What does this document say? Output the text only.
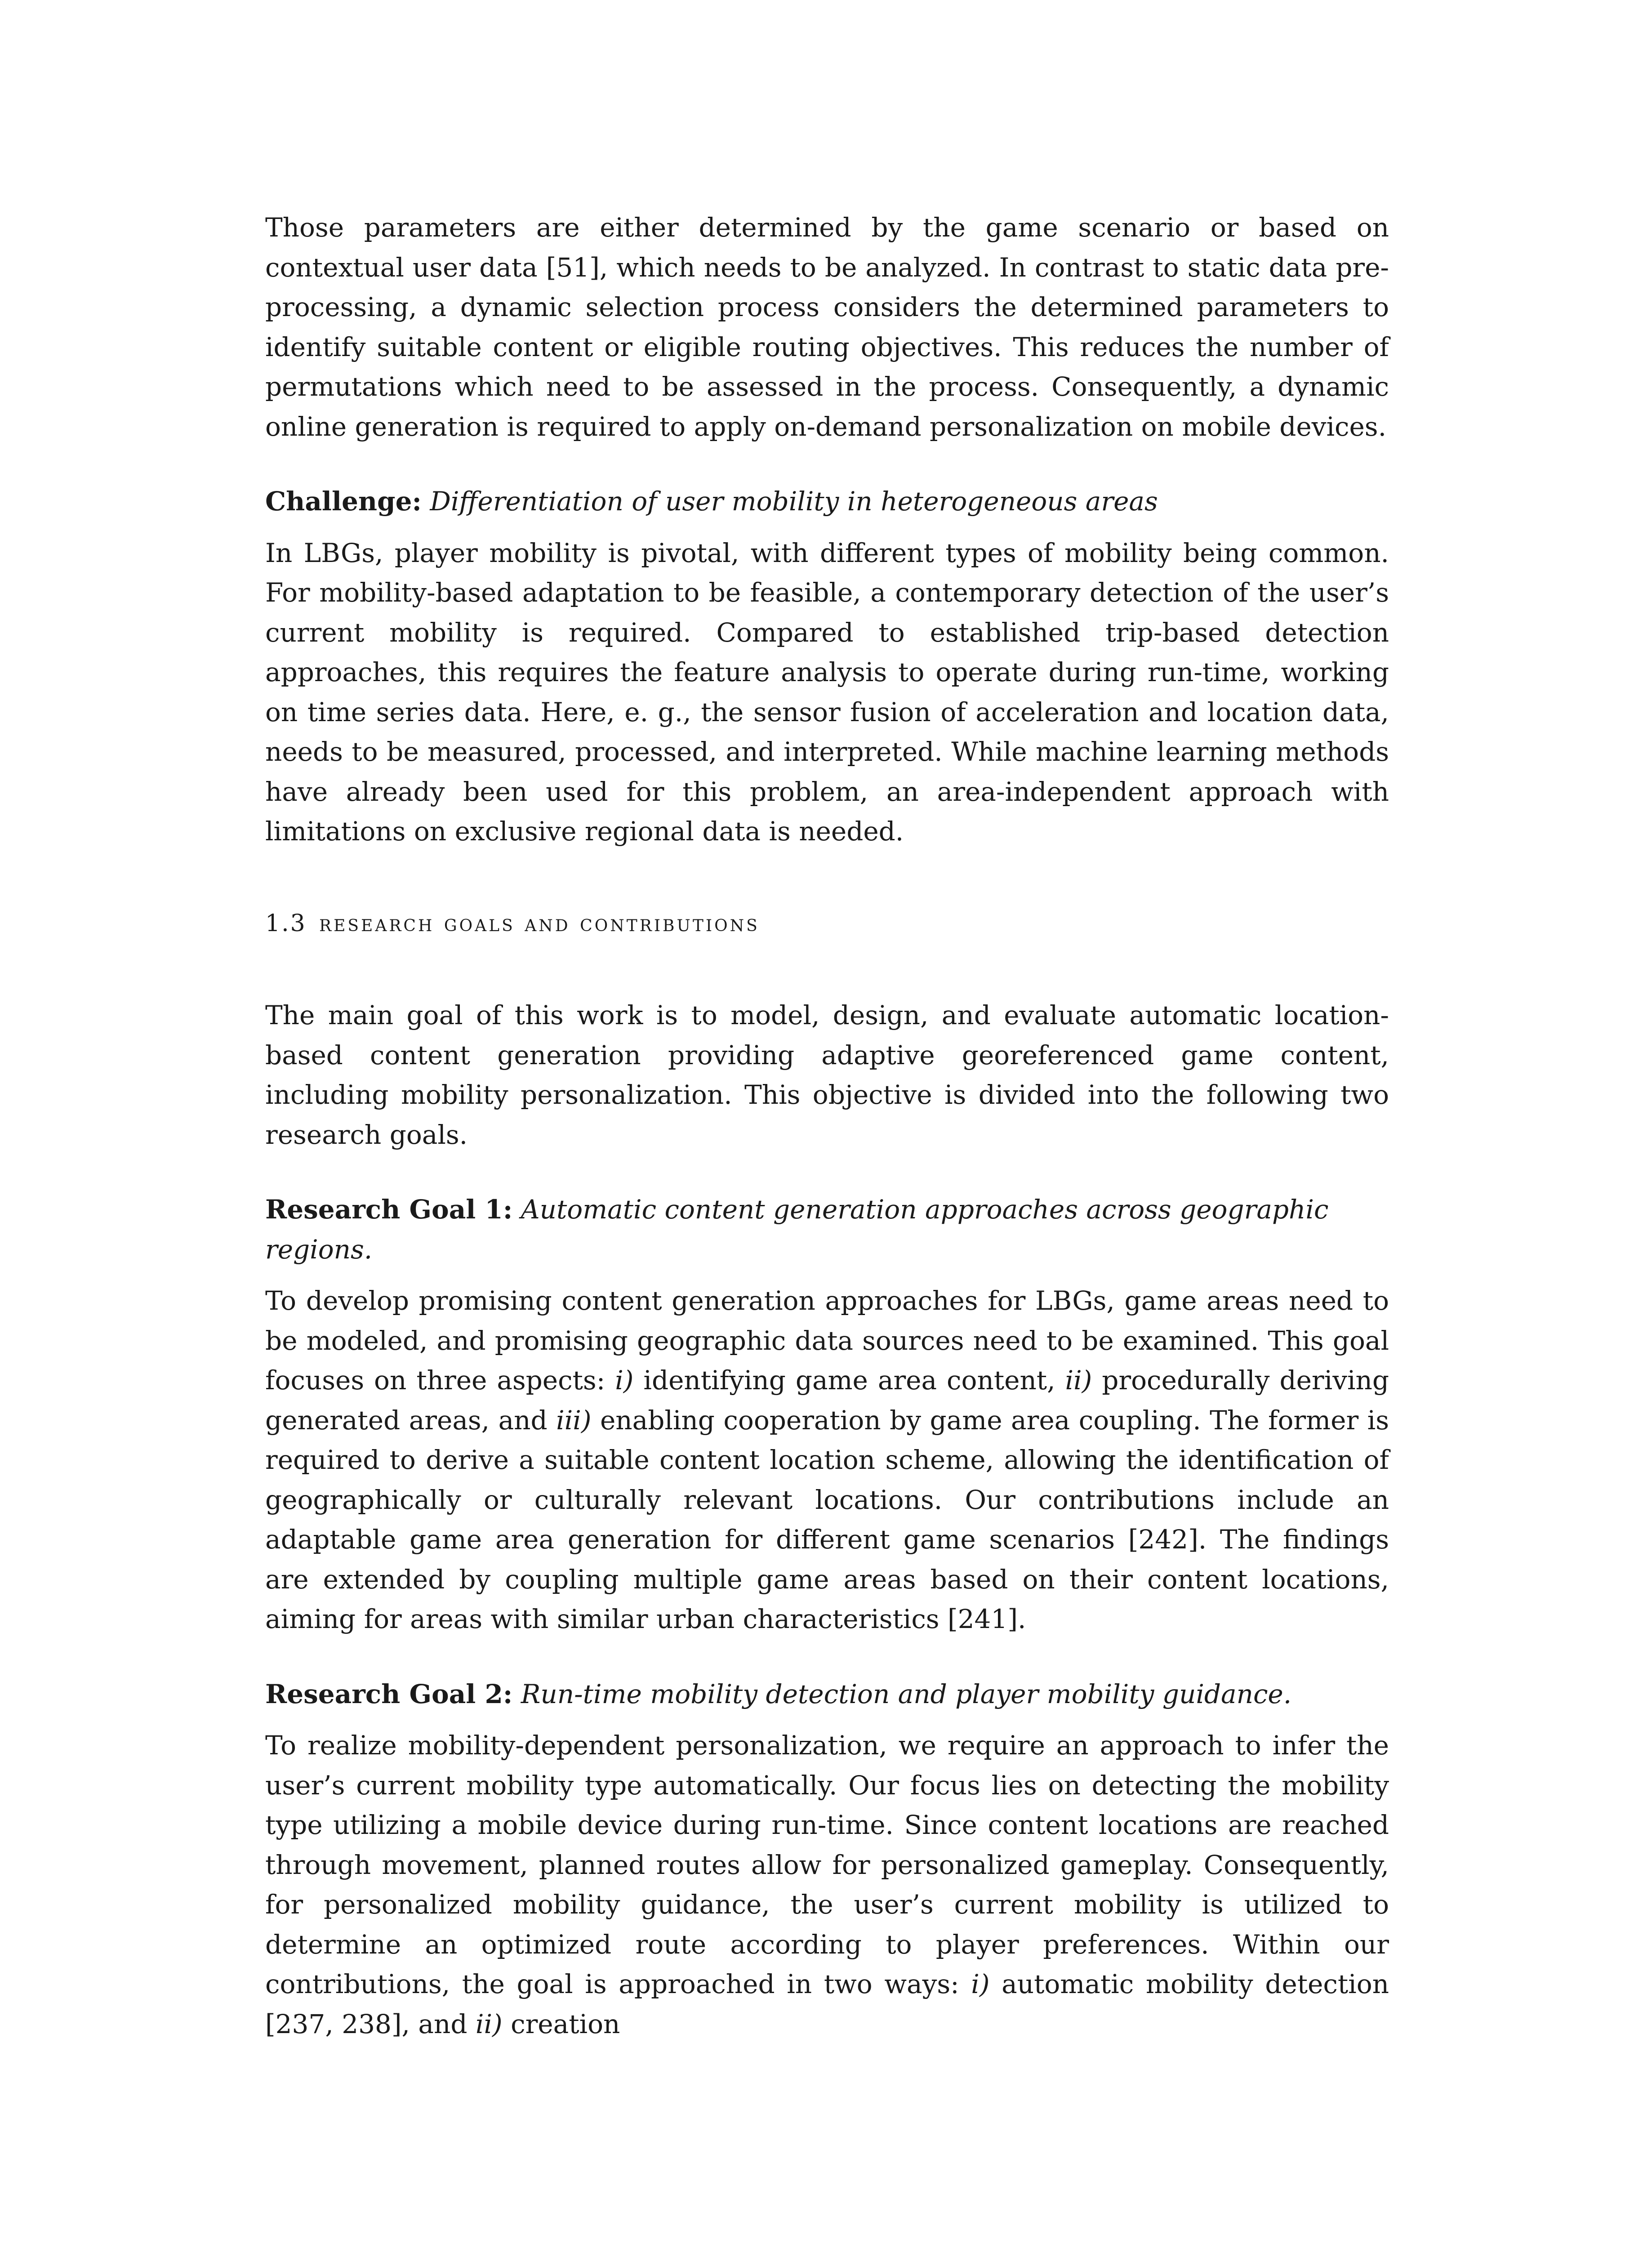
Those parameters are either determined by the game scenario or based on contextual user data [51], which needs to be analyzed. In contrast to static data pre-processing, a dynamic selection process considers the determined parameters to identify suitable content or eligible routing objectives. This reduces the number of permutations which need to be assessed in the process. Consequently, a dynamic online generation is required to apply on-demand personalization on mobile devices.

Challenge: Differentiation of user mobility in heterogeneous areas

In LBGs, player mobility is pivotal, with different types of mobility being common. For mobility-based adaptation to be feasible, a contemporary detection of the user’s current mobility is required. Compared to established trip-based detection approaches, this requires the feature analysis to operate during run-time, working on time series data. Here, e. g., the sensor fusion of acceleration and location data, needs to be measured, processed, and interpreted. While machine learning methods have already been used for this problem, an area-independent approach with limitations on exclusive regional data is needed.

1.3 research goals and contributions

The main goal of this work is to model, design, and evaluate automatic location-based content generation providing adaptive georeferenced game content, including mobility personalization. This objective is divided into the following two research goals.

Research Goal 1: Automatic content generation approaches across geographic regions.

To develop promising content generation approaches for LBGs, game areas need to be modeled, and promising geographic data sources need to be examined. This goal focuses on three aspects: i) identifying game area content, ii) procedurally deriving generated areas, and iii) enabling cooperation by game area coupling. The former is required to derive a suitable content location scheme, allowing the identification of geographically or culturally relevant locations. Our contributions include an adaptable game area generation for different game scenarios [242]. The findings are extended by coupling multiple game areas based on their content locations, aiming for areas with similar urban characteristics [241].

Research Goal 2: Run-time mobility detection and player mobility guidance.

To realize mobility-dependent personalization, we require an approach to infer the user’s current mobility type automatically. Our focus lies on detecting the mobility type utilizing a mobile device during run-time. Since content locations are reached through movement, planned routes allow for personalized gameplay. Consequently, for personalized mobility guidance, the user’s current mobility is utilized to determine an optimized route according to player preferences. Within our contributions, the goal is approached in two ways: i) automatic mobility detection [237, 238], and ii) creation
